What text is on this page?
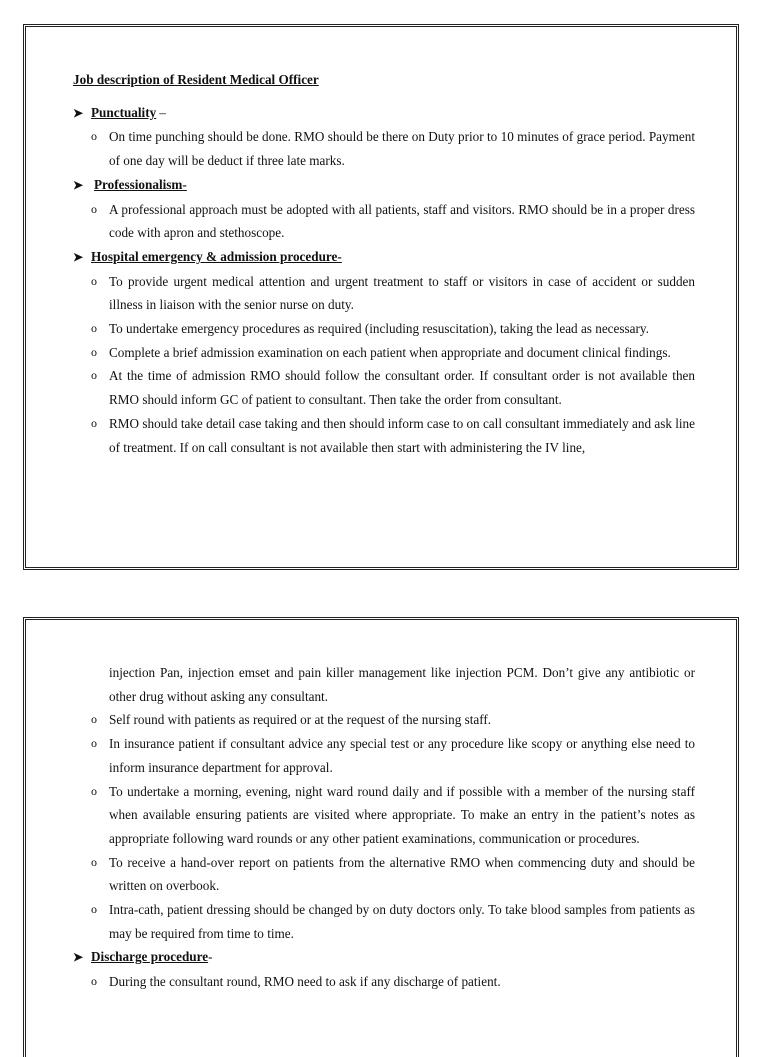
Job description of Resident Medical Officer
➤ Punctuality –
o On time punching should be done. RMO should be there on Duty prior to 10 minutes of grace period. Payment of one day will be deduct if three late marks.
➤ Professionalism-
o A professional approach must be adopted with all patients, staff and visitors. RMO should be in a proper dress code with apron and stethoscope.
➤ Hospital emergency & admission procedure-
o To provide urgent medical attention and urgent treatment to staff or visitors in case of accident or sudden illness in liaison with the senior nurse on duty.
o To undertake emergency procedures as required (including resuscitation), taking the lead as necessary.
o Complete a brief admission examination on each patient when appropriate and document clinical findings.
o At the time of admission RMO should follow the consultant order. If consultant order is not available then RMO should inform GC of patient to consultant. Then take the order from consultant.
o RMO should take detail case taking and then should inform case to on call consultant immediately and ask line of treatment. If on call consultant is not available then start with administering the IV line,
injection Pan, injection emset and pain killer management like injection PCM. Don’t give any antibiotic or other drug without asking any consultant.
o Self round with patients as required or at the request of the nursing staff.
o In insurance patient if consultant advice any special test or any procedure like scopy or anything else need to inform insurance department for approval.
o To undertake a morning, evening, night ward round daily and if possible with a member of the nursing staff when available ensuring patients are visited where appropriate. To make an entry in the patient’s notes as appropriate following ward rounds or any other patient examinations, communication or procedures.
o To receive a hand-over report on patients from the alternative RMO when commencing duty and should be written on overbook.
o Intra-cath, patient dressing should be changed by on duty doctors only. To take blood samples from patients as may be required from time to time.
➤ Discharge procedure -
o During the consultant round, RMO need to ask if any discharge of patient.
